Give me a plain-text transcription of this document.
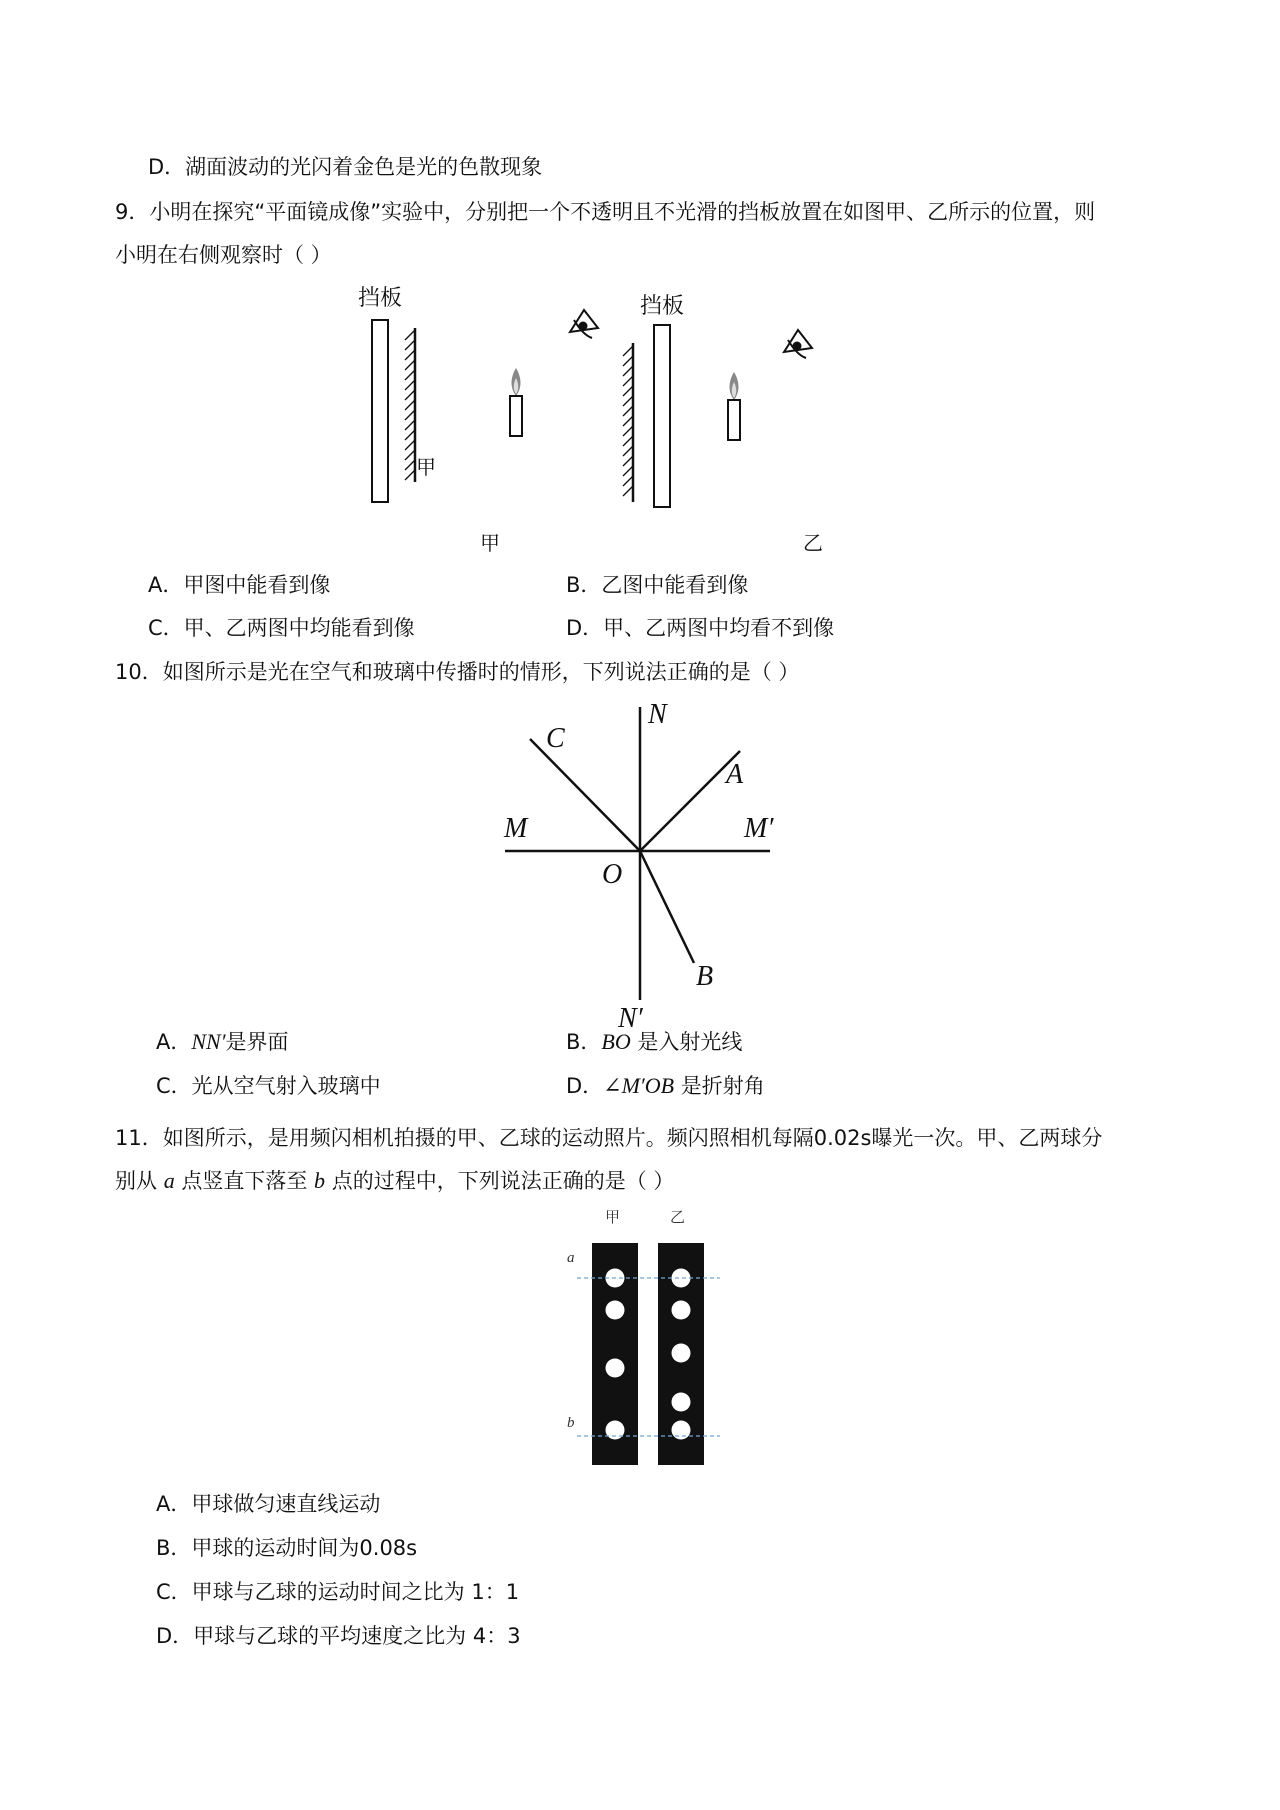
D．湖面波动的光闪着金色是光的色散现象
9．小明在探究“平面镜成像”实验中，分别把一个不透明且不光滑的挡板放置在如图甲、乙所示的位置，则
小明在右侧观察时（ ）
挡板
甲
挡板
甲	乙
A．甲图中能看到像	B．乙图中能看到像
C．甲、乙两图中均能看到像	D．甲、乙两图中均看不到像
10．如图所示是光在空气和玻璃中传播时的情形，下列说法正确的是（ ）
N
C
A
M	M′
O
B
N′
A．NN′是界面	B．BO 是入射光线
C．光从空气射入玻璃中	D．∠M′OB 是折射角
11．如图所示，是用频闪相机拍摄的甲、乙球的运动照片。频闪照相机每隔0.02s曝光一次。甲、乙两球分
别从 a 点竖直下落至 b 点的过程中，下列说法正确的是（ ）
甲	乙
a
b
A．甲球做匀速直线运动
B．甲球的运动时间为0.08s
C．甲球与乙球的运动时间之比为 1：1
D．甲球与乙球的平均速度之比为 4：3
